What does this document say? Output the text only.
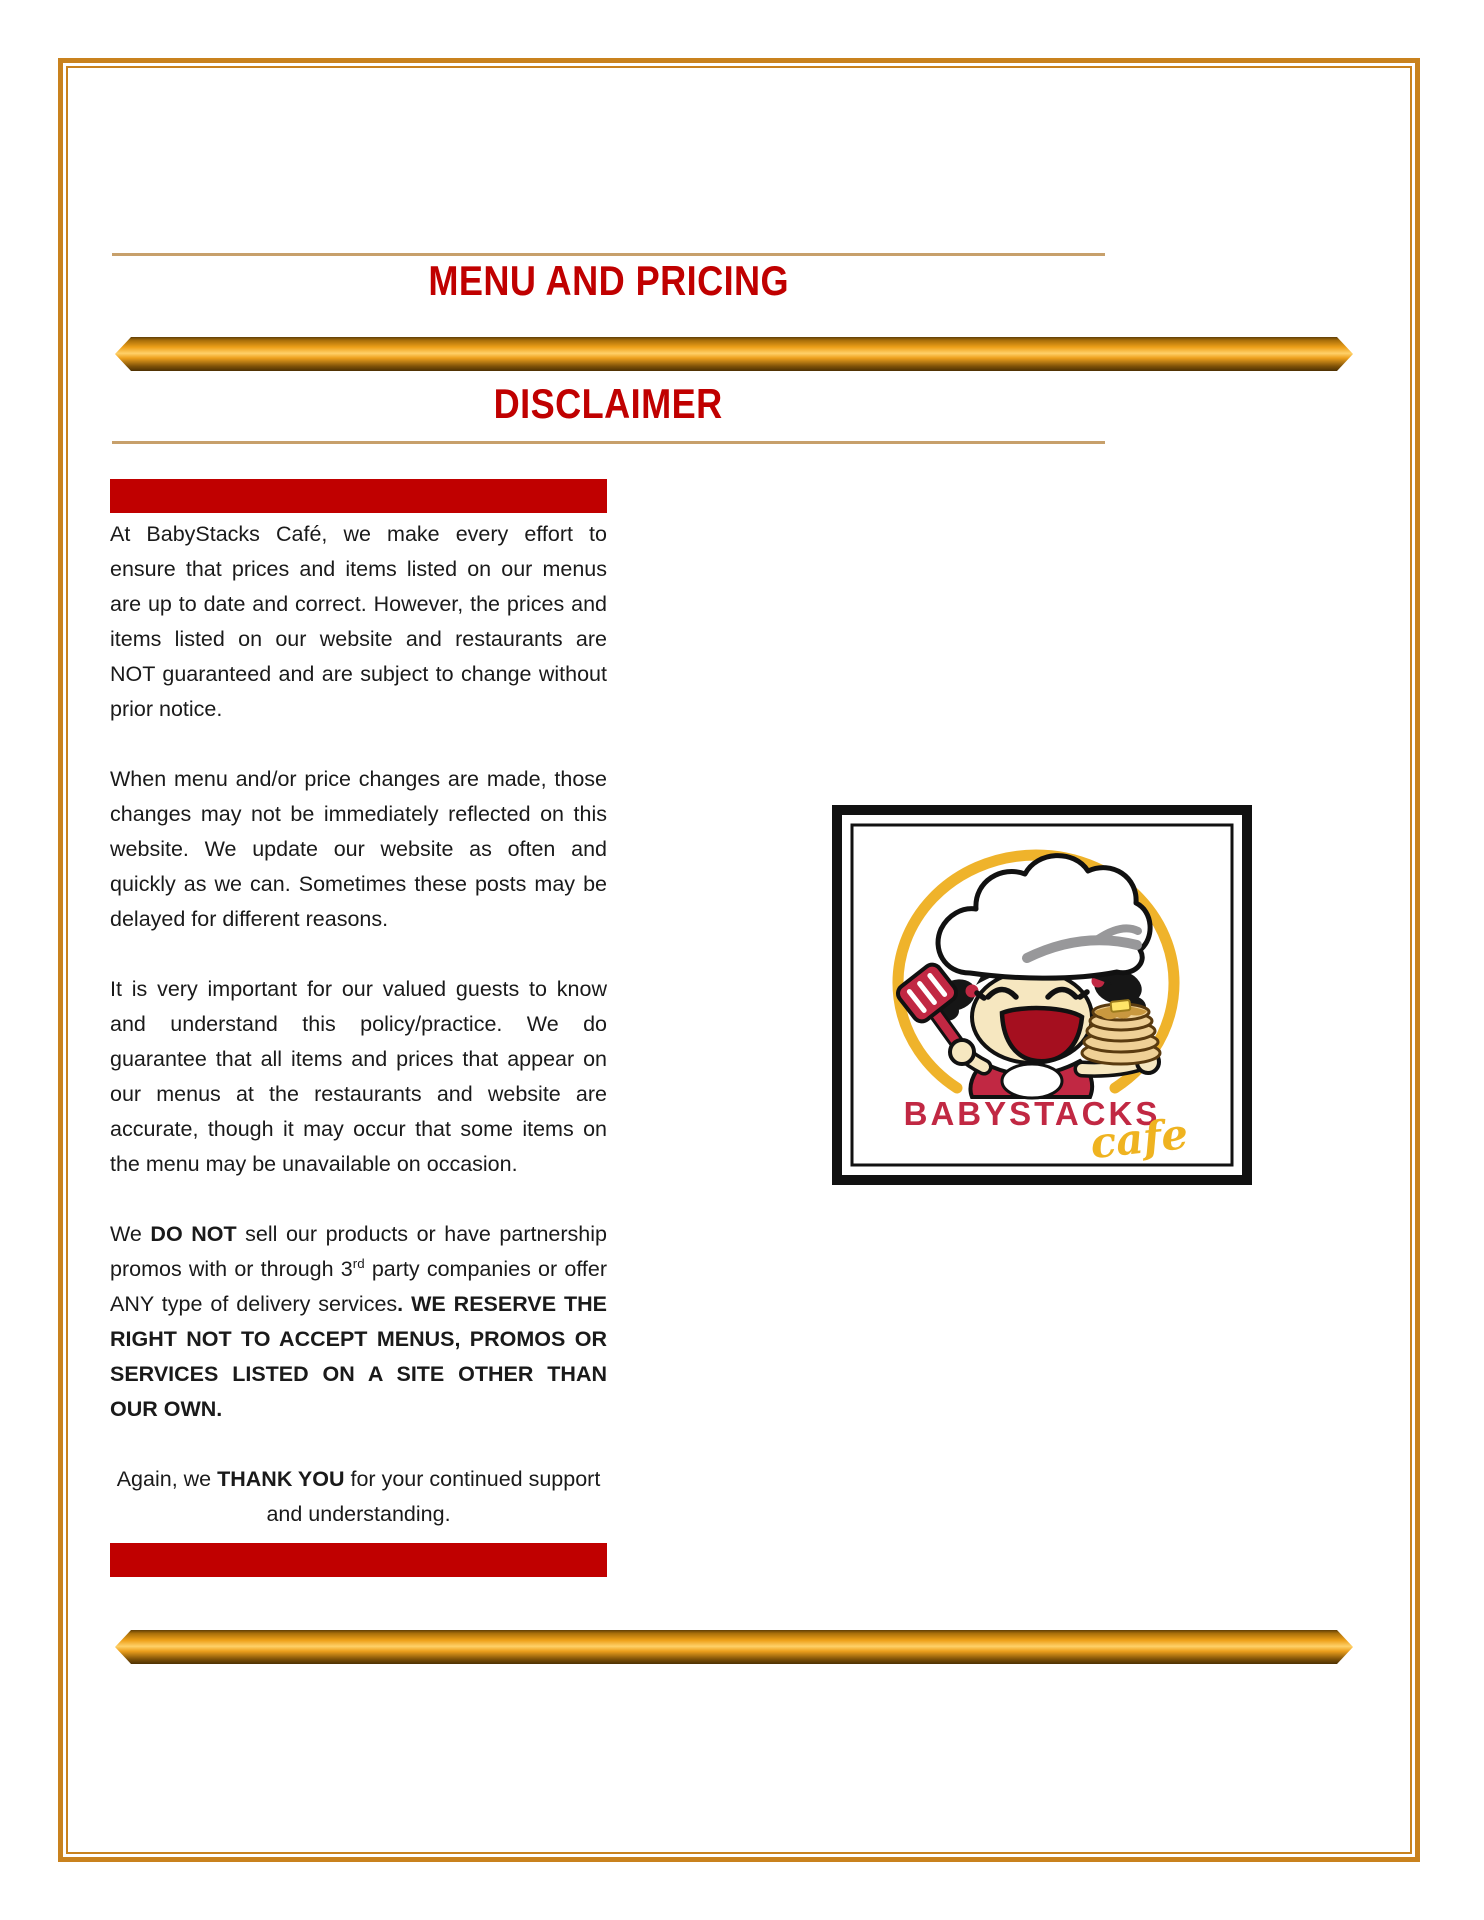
MENU AND PRICING
DISCLAIMER

At BabyStacks Café, we make every effort to ensure that prices and items listed on our menus are up to date and correct. However, the prices and items listed on our website and restaurants are NOT guaranteed and are subject to change without prior notice.

When menu and/or price changes are made, those changes may not be immediately reflected on this website. We update our website as often and quickly as we can. Sometimes these posts may be delayed for different reasons.

It is very important for our valued guests to know and understand this policy/practice. We do guarantee that all items and prices that appear on our menus at the restaurants and website are accurate, though it may occur that some items on the menu may be unavailable on occasion.

We DO NOT sell our products or have partnership promos with or through 3rd party companies or offer ANY type of delivery services. WE RESERVE THE RIGHT NOT TO ACCEPT MENUS, PROMOS OR SERVICES LISTED ON A SITE OTHER THAN OUR OWN.

Again, we THANK YOU for your continued support and understanding.

BABYSTACKS
cafe
